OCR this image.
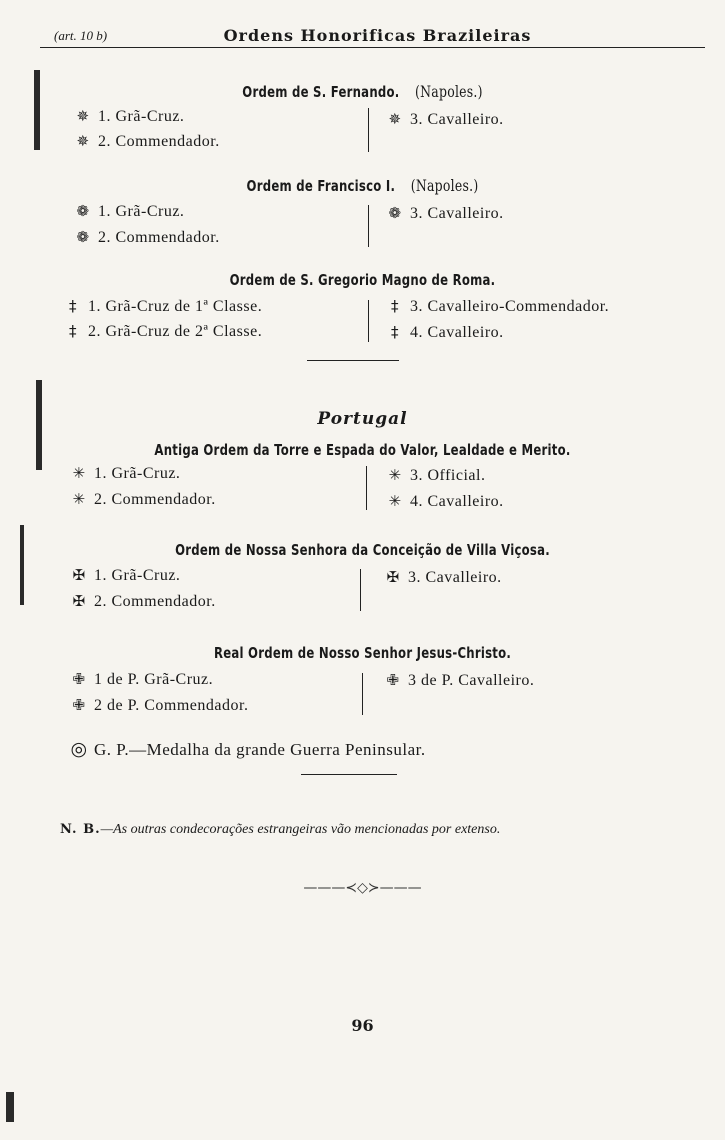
(art. 10 b)	Ordens Honorificas Brazileiras
Ordem de S. Fernando. (Napoles.)
✵ 1. Grã-Cruz.
✵ 2. Commendador.
✵ 3. Cavalleiro.
Ordem de Francisco I. (Napoles.)
❁ 1. Grã-Cruz.
❁ 2. Commendador.
❁ 3. Cavalleiro.
Ordem de S. Gregorio Magno de Roma.
‡ 1. Grã-Cruz de 1ª Classe.
‡ 2. Grã-Cruz de 2ª Classe.
‡ 3. Cavalleiro-Commendador.
‡ 4. Cavalleiro.
Portugal
Antiga Ordem da Torre e Espada do Valor, Lealdade e Merito.
✳ 1. Grã-Cruz.
✳ 2. Commendador.
✳ 3. Official.
✳ 4. Cavalleiro.
Ordem de Nossa Senhora da Conceição de Villa Viçosa.
✠ 1. Grã-Cruz.
✠ 2. Commendador.
✠ 3. Cavalleiro.
Real Ordem de Nosso Senhor Jesus-Christo.
✙ 1 de P. Grã-Cruz.
✙ 2 de P. Commendador.
✙ 3 de P. Cavalleiro.
◎ G. P.—Medalha da grande Guerra Peninsular.
N. B.—As outras condecorações estrangeiras vão mencionadas por extenso.
———≺◇≻———
96
